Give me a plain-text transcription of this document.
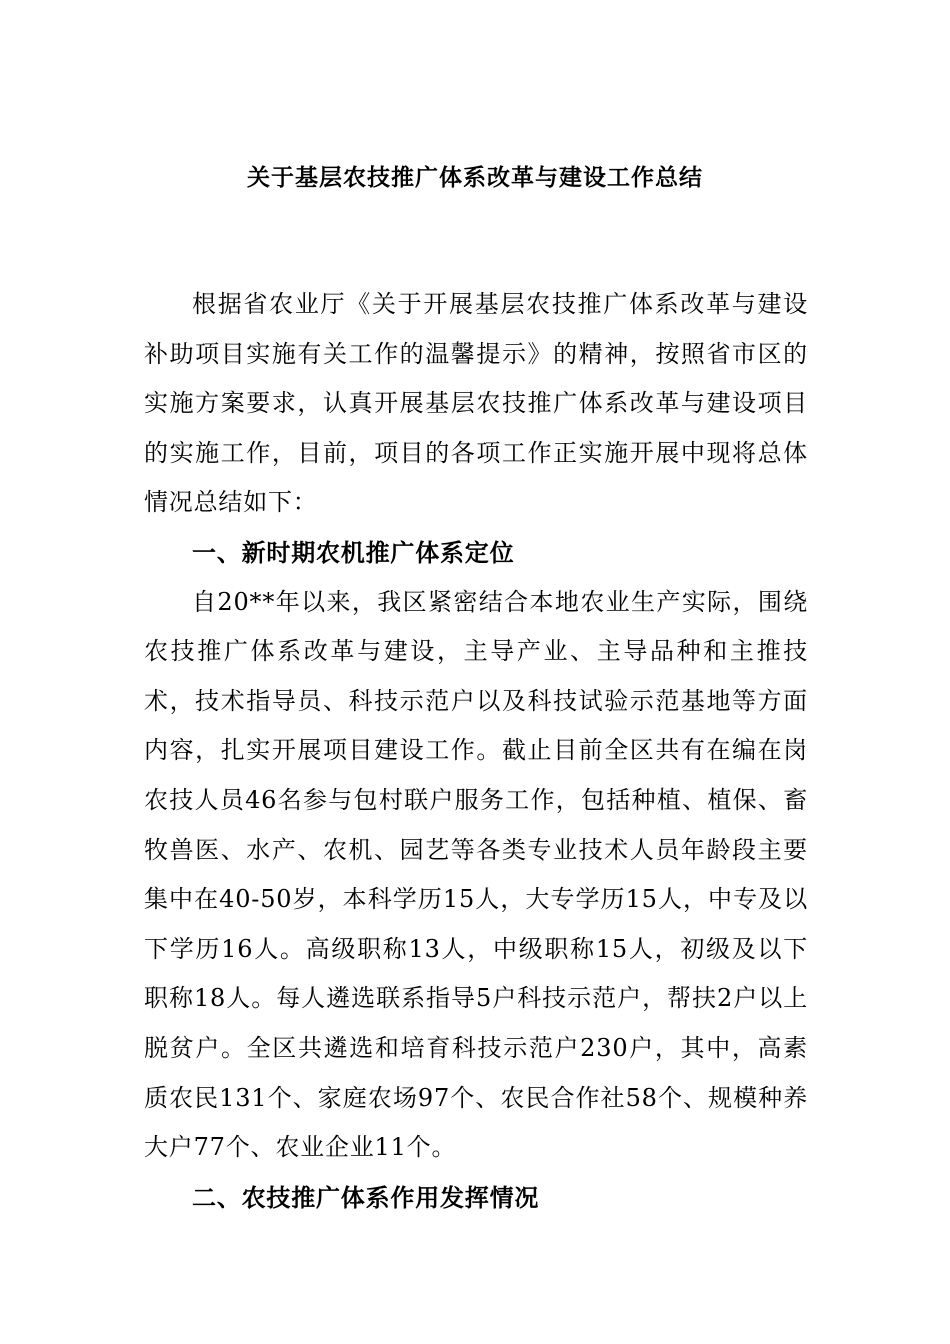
关于基层农技推广体系改革与建设工作总结

根据省农业厅《关于开展基层农技推广体系改革与建设补助项目实施有关工作的温馨提示》的精神，按照省市区的实施方案要求，认真开展基层农技推广体系改革与建设项目的实施工作，目前，项目的各项工作正实施开展中现将总体情况总结如下：

一、新时期农机推广体系定位

自20**年以来，我区紧密结合本地农业生产实际，围绕农技推广体系改革与建设，主导产业、主导品种和主推技术，技术指导员、科技示范户以及科技试验示范基地等方面内容，扎实开展项目建设工作。截止目前全区共有在编在岗农技人员46名参与包村联户服务工作，包括种植、植保、畜牧兽医、水产、农机、园艺等各类专业技术人员年龄段主要集中在40-50岁，本科学历15人，大专学历15人，中专及以下学历16人。高级职称13人，中级职称15人，初级及以下职称18人。每人遴选联系指导5户科技示范户，帮扶2户以上脱贫户。全区共遴选和培育科技示范户230户，其中，高素质农民131个、家庭农场97个、农民合作社58个、规模种养大户77个、农业企业11个。

二、农技推广体系作用发挥情况
